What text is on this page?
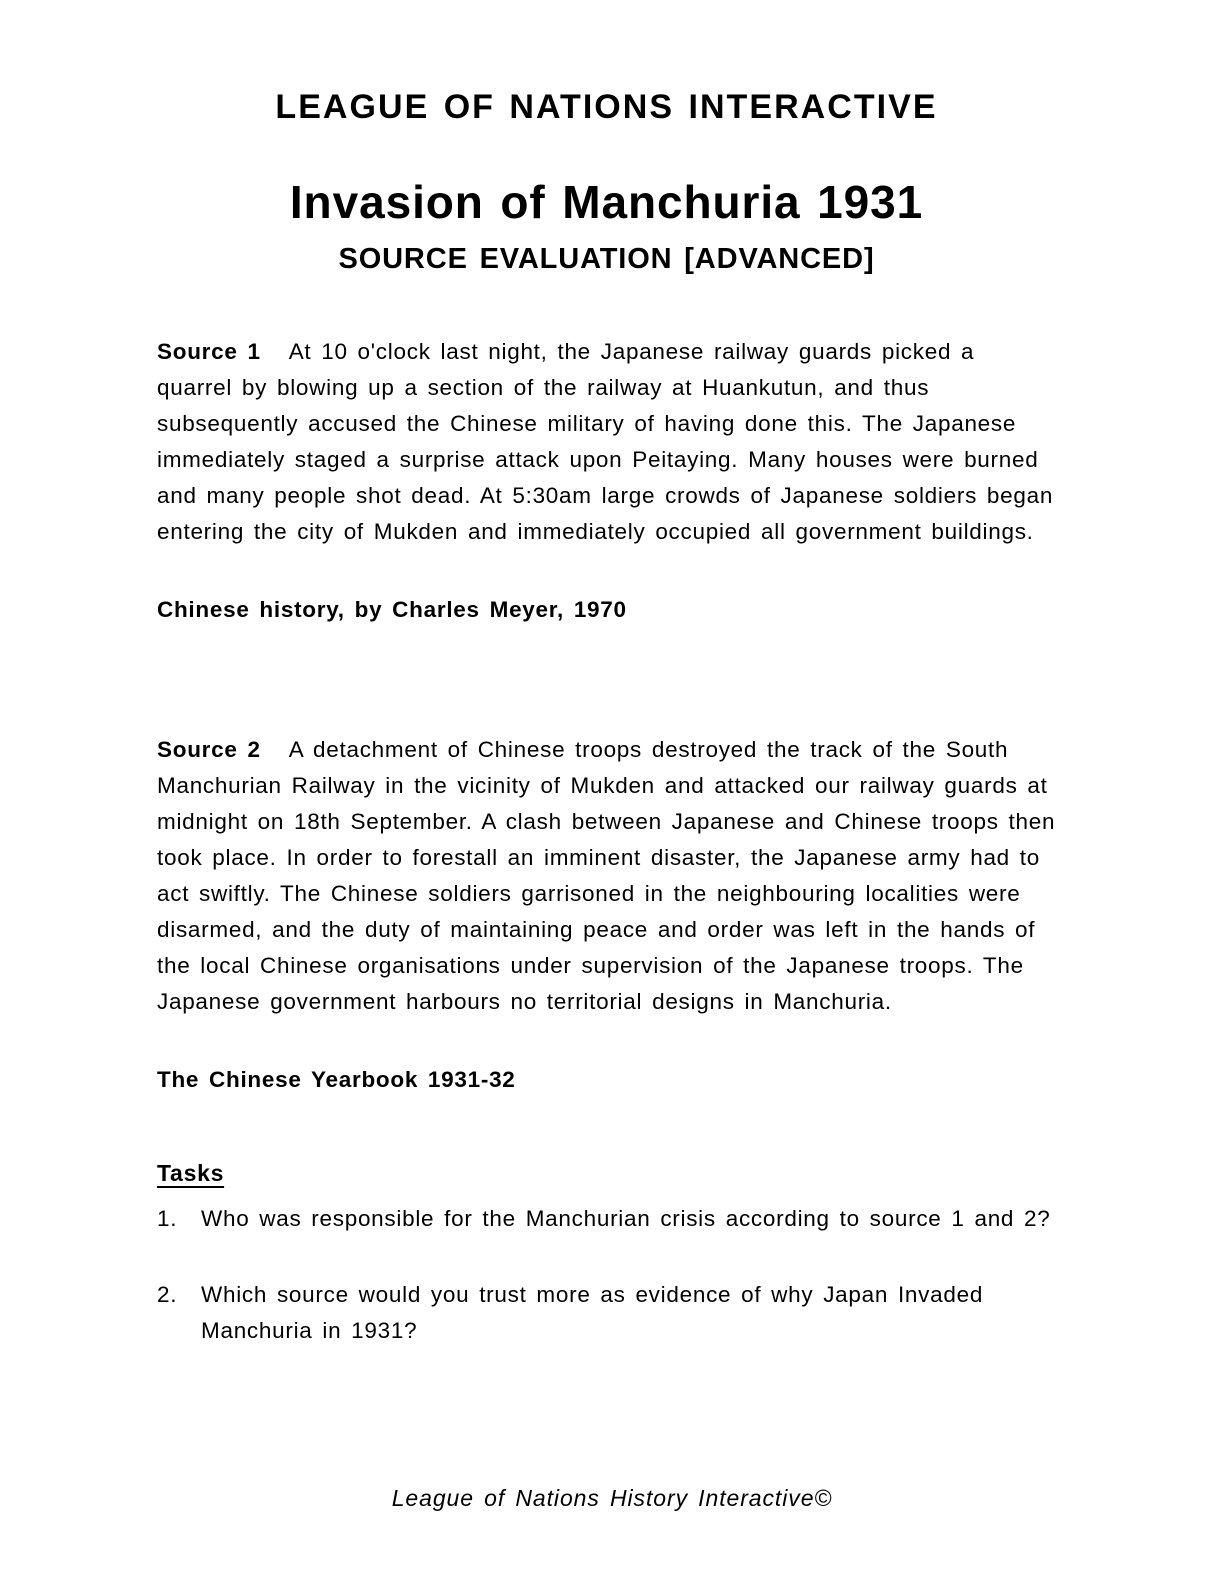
LEAGUE OF NATIONS INTERACTIVE
Invasion of Manchuria 1931
SOURCE EVALUATION [ADVANCED]

Source 1 At 10 o'clock last night, the Japanese railway guards picked a quarrel by blowing up a section of the railway at Huankutun, and thus subsequently accused the Chinese military of having done this. The Japanese immediately staged a surprise attack upon Peitaying. Many houses were burned and many people shot dead. At 5:30am large crowds of Japanese soldiers began entering the city of Mukden and immediately occupied all government buildings.

Chinese history, by Charles Meyer, 1970

Source 2 A detachment of Chinese troops destroyed the track of the South Manchurian Railway in the vicinity of Mukden and attacked our railway guards at midnight on 18th September. A clash between Japanese and Chinese troops then took place. In order to forestall an imminent disaster, the Japanese army had to act swiftly. The Chinese soldiers garrisoned in the neighbouring localities were disarmed, and the duty of maintaining peace and order was left in the hands of the local Chinese organisations under supervision of the Japanese troops. The Japanese government harbours no territorial designs in Manchuria.

The Chinese Yearbook 1931-32
Tasks
1.	Who was responsible for the Manchurian crisis according to source 1 and 2?
2.	Which source would you trust more as evidence of why Japan Invaded Manchuria in 1931?
League of Nations History Interactive©
